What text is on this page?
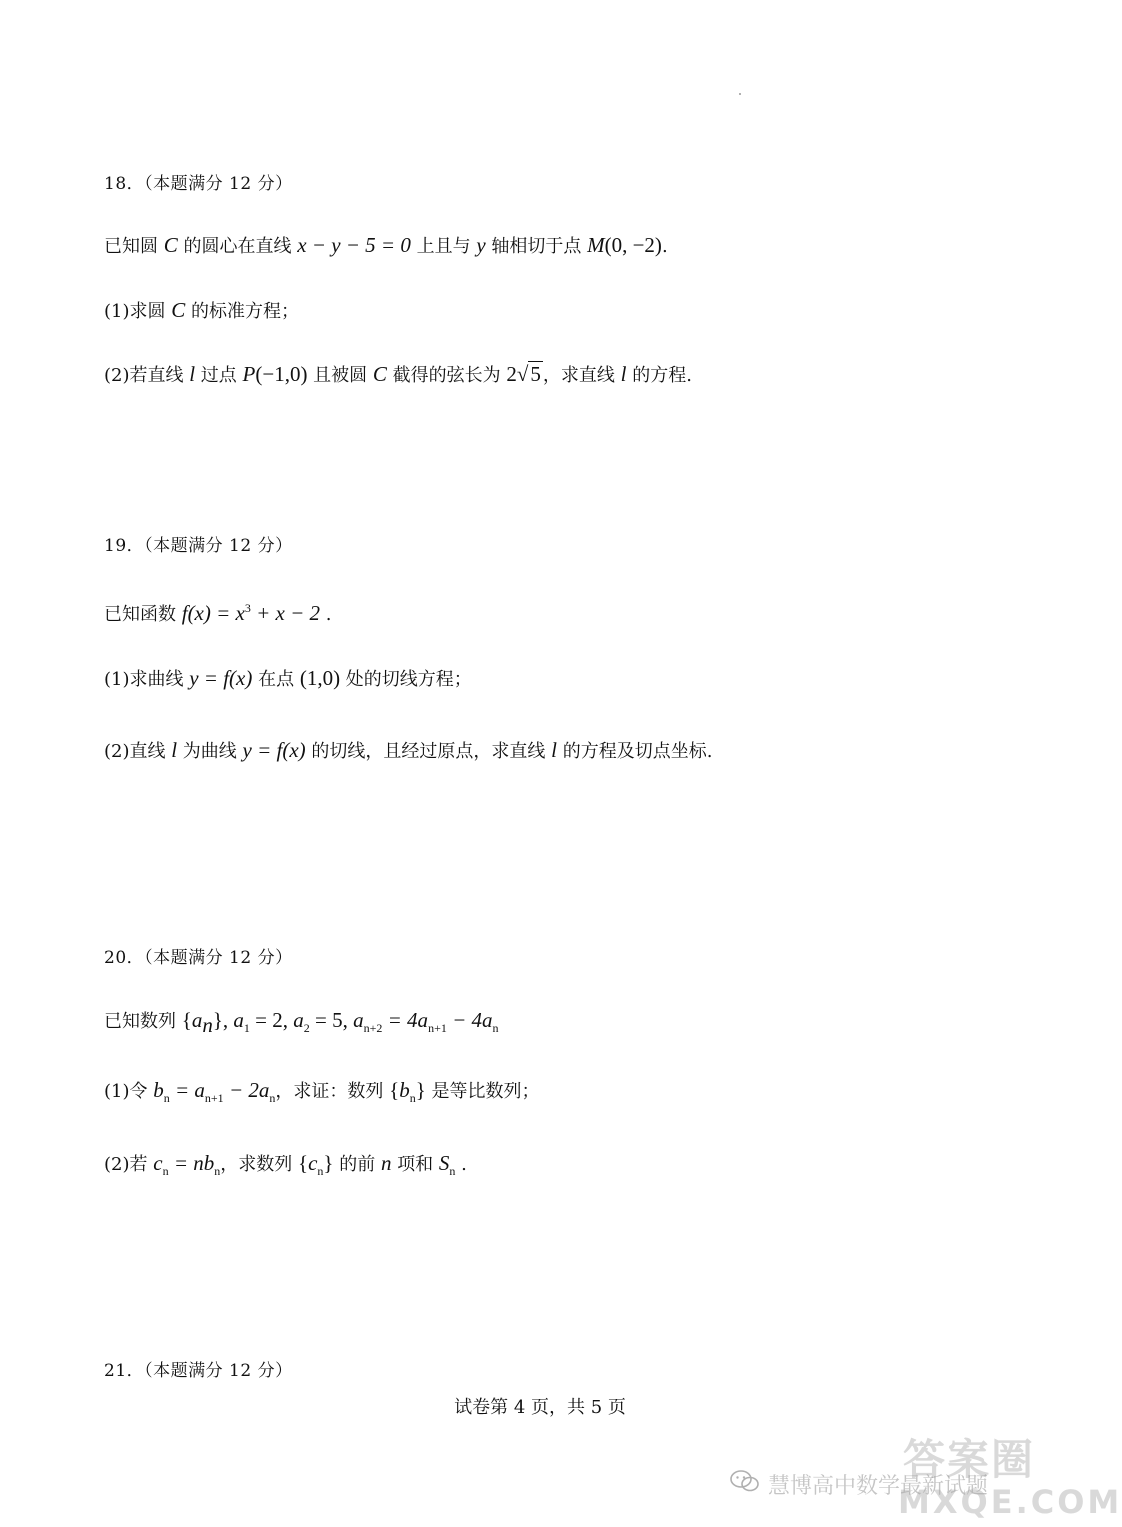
18．（本题满分 12 分）
已知圆 C 的圆心在直线 x − y − 5 = 0 上且与 y 轴相切于点 M(0, −2).
(1)求圆 C 的标准方程；
(2)若直线 l 过点 P(−1,0) 且被圆 C 截得的弦长为 2√5 ，求直线 l 的方程.
19．（本题满分 12 分）
已知函数 $f(x) = x^3 + x - 2$ .
(1)求曲线 y = f(x) 在点 (1,0) 处的切线方程；
(2)直线 l 为曲线 y = f(x) 的切线，且经过原点，求直线 l 的方程及切点坐标.
20．（本题满分 12 分）
已知数列 $\{a_n\}$, $a_1 = 2$, $a_2 = 5$, $a_{n+2} = 4a_{n+1} - 4a_n$
(1)令 $b_n = a_{n+1} - 2a_n$，求证：数列 $\{b_n\}$ 是等比数列；
(2)若 $c_n = nb_n$，求数列 $\{c_n\}$ 的前 n 项和 $S_n$ .
21．（本题满分 12 分）
试卷第 4 页，共 5 页
答案圈
慧博高中数学最新试题
MXQE.COM
